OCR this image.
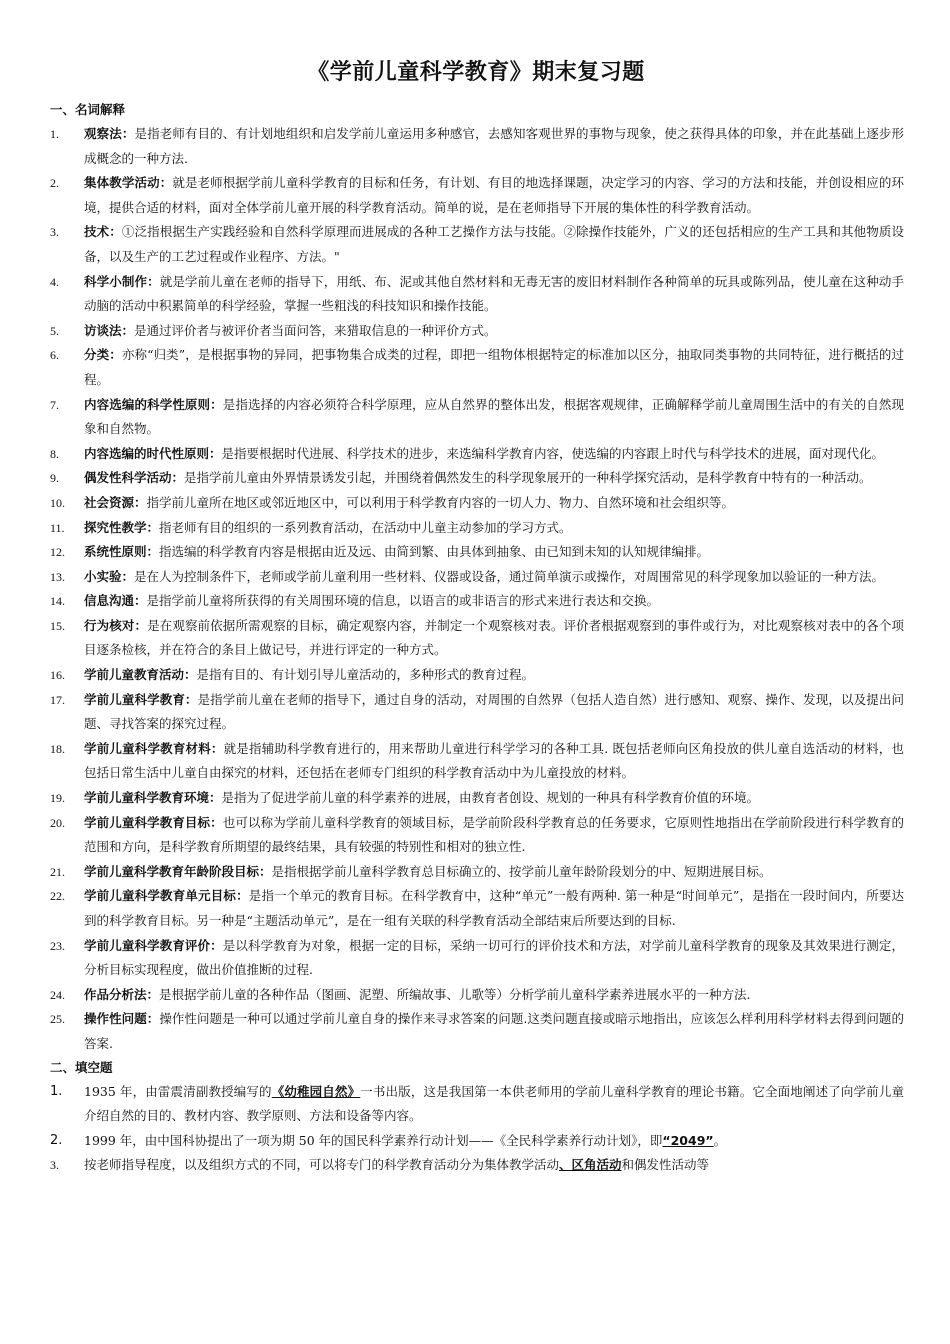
《学前儿童科学教育》期末复习题
一、名词解释
1.	观察法：是指老师有目的、有计划地组织和启发学前儿童运用多种感官，去感知客观世界的事物与现象，使之获得具体的印象，并在此基础上逐步形成概念的一种方法.
2.	集体教学活动：就是老师根据学前儿童科学教育的目标和任务，有计划、有目的地选择课题，决定学习的内容、学习的方法和技能，并创设相应的环境，提供合适的材料，面对全体学前儿童开展的科学教育活动。简单的说，是在老师指导下开展的集体性的科学教育活动。
3.	技术：①泛指根据生产实践经验和自然科学原理而进展成的各种工艺操作方法与技能。②除操作技能外，广义的还包括相应的生产工具和其他物质设备，以及生产的工艺过程或作业程序、方法。"
4.	科学小制作：就是学前儿童在老师的指导下，用纸、布、泥或其他自然材料和无毒无害的废旧材料制作各种简单的玩具或陈列品，使儿童在这种动手动脑的活动中积累简单的科学经验，掌握一些粗浅的科技知识和操作技能。
5.	访谈法：是通过评价者与被评价者当面问答，来猎取信息的一种评价方式。
6.	分类：亦称“归类”，是根据事物的异同，把事物集合成类的过程，即把一组物体根据特定的标准加以区分，抽取同类事物的共同特征，进行概括的过程。
7.	内容选编的科学性原则：是指选择的内容必须符合科学原理，应从自然界的整体出发，根据客观规律，正确解释学前儿童周围生活中的有关的自然现象和自然物。
8.	内容选编的时代性原则：是指要根据时代进展、科学技术的进步，来选编科学教育内容，使选编的内容跟上时代与科学技术的进展，面对现代化。
9.	偶发性科学活动：是指学前儿童由外界情景诱发引起，并围绕着偶然发生的科学现象展开的一种科学探究活动，是科学教育中特有的一种活动。
10.	社会资源：指学前儿童所在地区或邻近地区中，可以利用于科学教育内容的一切人力、物力、自然环境和社会组织等。
11.	探究性教学：指老师有目的组织的一系列教育活动，在活动中儿童主动参加的学习方式。
12.	系统性原则：指选编的科学教育内容是根据由近及远、由简到繁、由具体到抽象、由已知到未知的认知规律编排。
13.	小实验：是在人为控制条件下，老师或学前儿童利用一些材料、仪器或设备，通过简单演示或操作，对周围常见的科学现象加以验证的一种方法。
14.	信息沟通：是指学前儿童将所获得的有关周围环境的信息，以语言的或非语言的形式来进行表达和交换。
15.	行为核对：是在观察前依据所需观察的目标，确定观察内容，并制定一个观察核对表。评价者根据观察到的事件或行为，对比观察核对表中的各个项目逐条检核，并在符合的条目上做记号，并进行评定的一种方式。
16.	学前儿童教育活动：是指有目的、有计划引导儿童活动的，多种形式的教育过程。
17.	学前儿童科学教育：是指学前儿童在老师的指导下，通过自身的活动，对周围的自然界（包括人造自然）进行感知、观察、操作、发现，以及提出问题、寻找答案的探究过程。
18.	学前儿童科学教育材料：就是指辅助科学教育进行的，用来帮助儿童进行科学学习的各种工具. 既包括老师向区角投放的供儿童自选活动的材料，也包括日常生活中儿童自由探究的材料，还包括在老师专门组织的科学教育活动中为儿童投放的材料。
19.	学前儿童科学教育环境：是指为了促进学前儿童的科学素养的进展，由教育者创设、规划的一种具有科学教育价值的环境。
20.	学前儿童科学教育目标：也可以称为学前儿童科学教育的领域目标，是学前阶段科学教育总的任务要求，它原则性地指出在学前阶段进行科学教育的范围和方向，是科学教育所期望的最终结果，具有较强的特别性和相对的独立性.
21.	学前儿童科学教育年龄阶段目标：是指根据学前儿童科学教育总目标确立的、按学前儿童年龄阶段划分的中、短期进展目标。
22.	学前儿童科学教育单元目标：是指一个单元的教育目标。在科学教育中，这种“单元”一般有两种. 第一种是“时间单元”，是指在一段时间内，所要达到的科学教育目标。另一种是“主题活动单元”，是在一组有关联的科学教育活动全部结束后所要达到的目标.
23.	学前儿童科学教育评价：是以科学教育为对象，根据一定的目标，采纳一切可行的评价技术和方法，对学前儿童科学教育的现象及其效果进行测定，分析目标实现程度，做出价值推断的过程.
24.	作品分析法：是根据学前儿童的各种作品（图画、泥塑、所编故事、儿歌等）分析学前儿童科学素养进展水平的一种方法.
25.	操作性问题：操作性问题是一种可以通过学前儿童自身的操作来寻求答案的问题.这类问题直接或暗示地指出，应该怎么样利用科学材料去得到问题的答案.
二、填空题
1.	1935 年，由雷震清副教授编写的《幼稚园自然》一书出版，这是我国第一本供老师用的学前儿童科学教育的理论书籍。它全面地阐述了向学前儿童介绍自然的目的、教材内容、教学原则、方法和设备等内容。
2.	1999 年，由中国科协提出了一项为期 50 年的国民科学素养行动计划——《全民科学素养行动计划》，即“2049”。
3.	按老师指导程度，以及组织方式的不同，可以将专门的科学教育活动分为集体教学活动、区角活动和偶发性活动等
